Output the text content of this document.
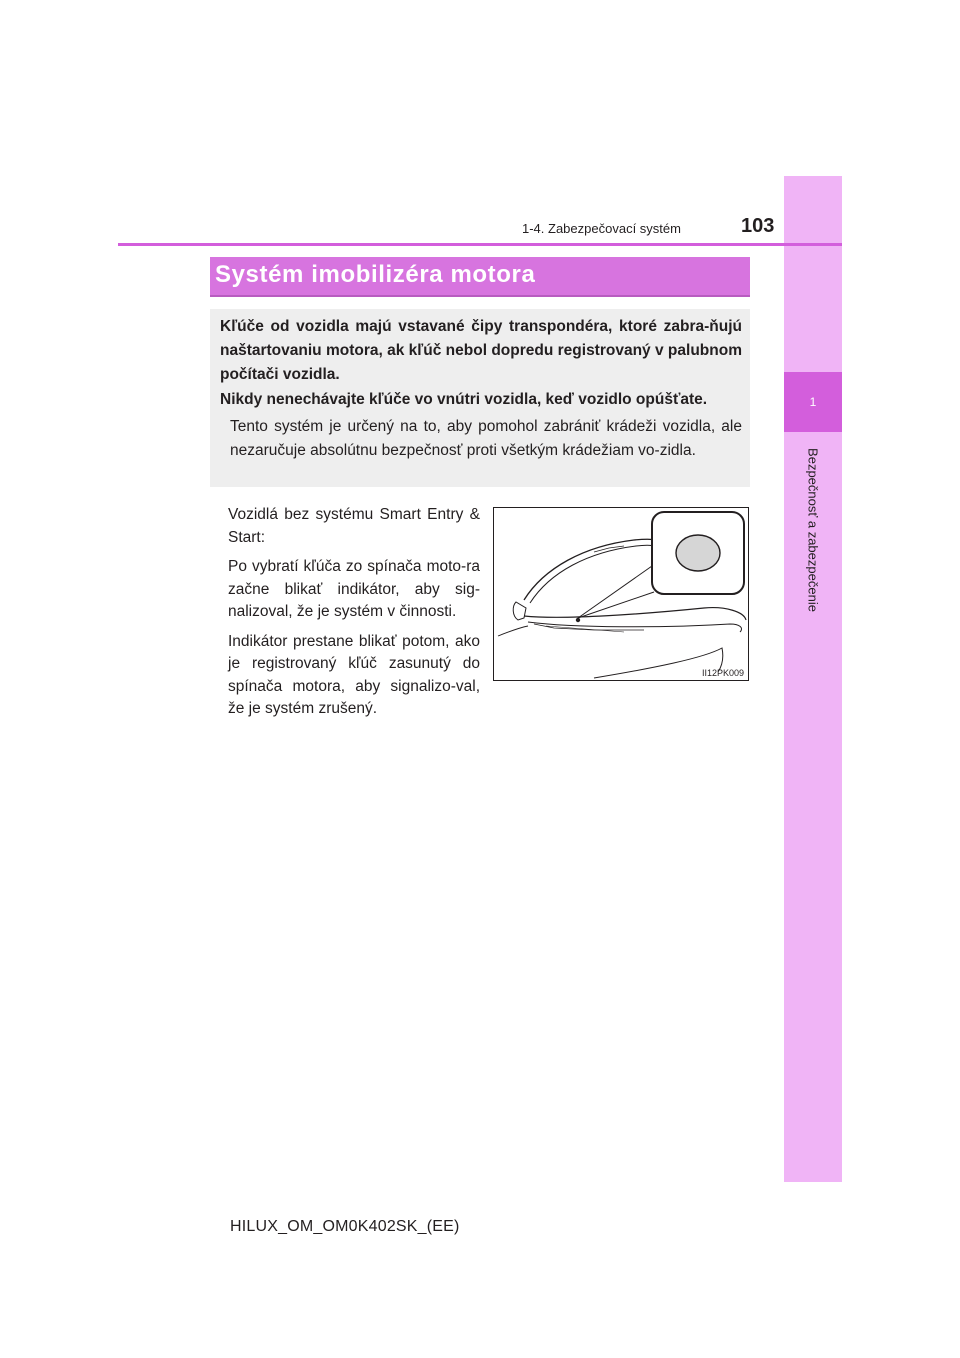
1
Bezpečnosť a zabezpečenie
1-4. Zabezpečovací systém	103
Systém imobilizéra motora
Kľúče od vozidla majú vstavané čipy transpondéra, ktoré zabra-ňujú naštartovaniu motora, ak kľúč nebol dopredu registrovaný v palubnom počítači vozidla.
Nikdy nenechávajte kľúče vo vnútri vozidla, keď vozidlo opúšťate.
Tento systém je určený na to, aby pomohol zabrániť krádeži vozidla, ale nezaručuje absolútnu bezpečnosť proti všetkým krádežiam vo-zidla.

Vozidlá bez systému Smart Entry & Start:

Po vybratí kľúča zo spínača moto-ra začne blikať indikátor, aby sig-nalizoval, že je systém v činnosti.

Indikátor prestane blikať potom, ako je registrovaný kľúč zasunutý do spínača motora, aby signalizo-val, že je systém zrušený.

II12PK009
HILUX_OM_OM0K402SK_(EE)
